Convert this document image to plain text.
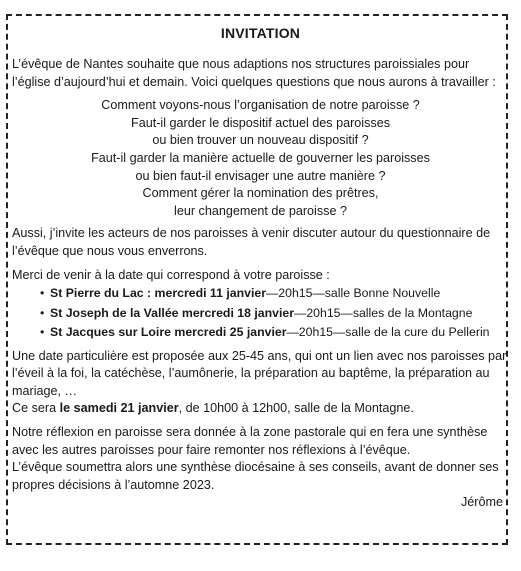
INVITATION

L’évêque de Nantes souhaite que nous adaptions nos structures paroissiales pour l’église d’aujourd’hui et demain. Voici quelques questions que nous aurons à travailler :

Comment voyons-nous l’organisation de notre paroisse ?
Faut-il garder le dispositif actuel des paroisses
ou bien trouver un nouveau dispositif ?
Faut-il garder la manière actuelle de gouverner les paroisses
ou bien faut-il envisager une autre manière ?
Comment gérer la nomination des prêtres,
leur changement de paroisse ?

Aussi, j’invite les acteurs de nos paroisses à venir discuter autour du questionnaire de l’évêque que nous vous enverrons.

Merci de venir à la date qui correspond à votre paroisse :

• St Pierre du Lac : mercredi 11 janvier—20h15—salle Bonne Nouvelle
• St Joseph de la Vallée mercredi 18 janvier—20h15—salles de la Montagne
• St Jacques sur Loire mercredi 25 janvier—20h15—salle de la cure du Pellerin

Une date particulière est proposée aux 25-45 ans, qui ont un lien avec nos paroisses par l’éveil à la foi, la catéchèse, l’aumônerie, la préparation au baptême, la préparation au mariage, …

Ce sera le samedi 21 janvier, de 10h00 à 12h00, salle de la Montagne.

Notre réflexion en paroisse sera donnée à la zone pastorale qui en fera une synthèse avec les autres paroisses pour faire remonter nos réflexions à l’évêque.

L’évêque soumettra alors une synthèse diocésaine à ses conseils, avant de donner ses propres décisions à l’automne 2023.

Jérôme
